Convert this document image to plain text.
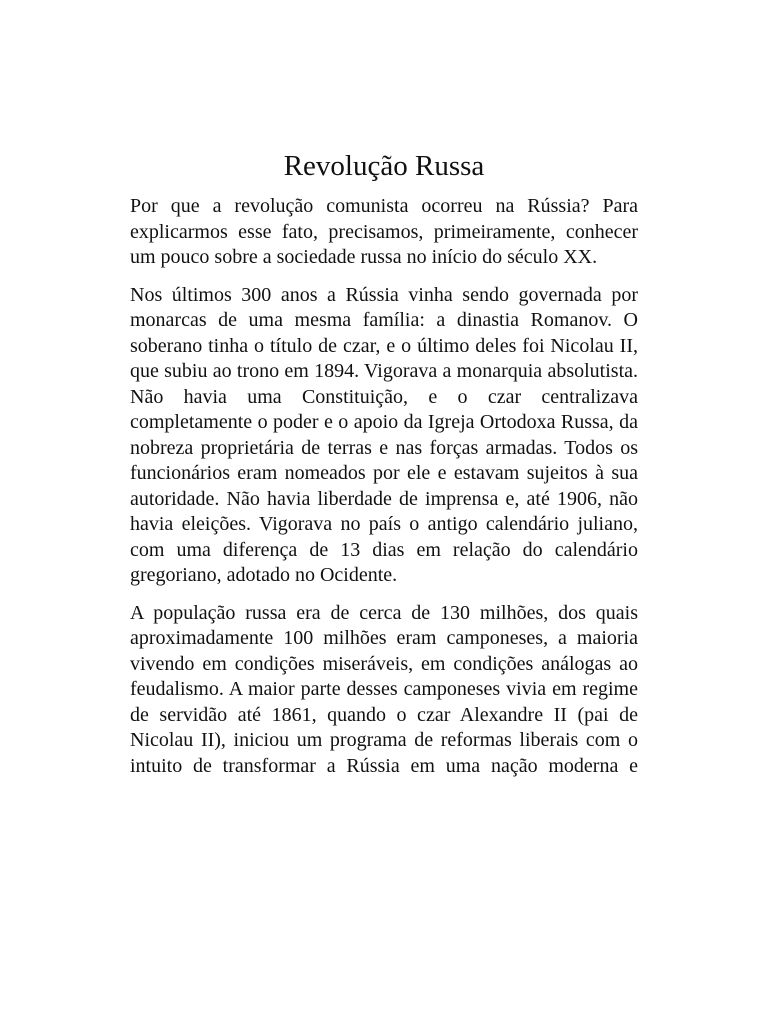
Revolução Russa

Por que a revolução comunista ocorreu na Rússia? Para explicarmos esse fato, precisamos, primeiramente, conhecer um pouco sobre a sociedade russa no início do século XX.

Nos últimos 300 anos a Rússia vinha sendo governada por monarcas de uma mesma família: a dinastia Romanov. O soberano tinha o título de czar, e o último deles foi Nicolau II, que subiu ao trono em 1894. Vigorava a monarquia absolutista. Não havia uma Constituição, e o czar centralizava completamente o poder e o apoio da Igreja Ortodoxa Russa, da nobreza proprietária de terras e nas forças armadas. Todos os funcionários eram nomeados por ele e estavam sujeitos à sua autoridade. Não havia liberdade de imprensa e, até 1906, não havia eleições. Vigorava no país o antigo calendário juliano, com uma diferença de 13 dias em relação do calendário gregoriano, adotado no Ocidente.

A população russa era de cerca de 130 milhões, dos quais aproximadamente 100 milhões eram camponeses, a maioria vivendo em condições miseráveis, em condições análogas ao feudalismo. A maior parte desses camponeses vivia em regime de servidão até 1861, quando o czar Alexandre II (pai de Nicolau II), iniciou um programa de reformas liberais com o intuito de transformar a Rússia em uma nação moderna e
